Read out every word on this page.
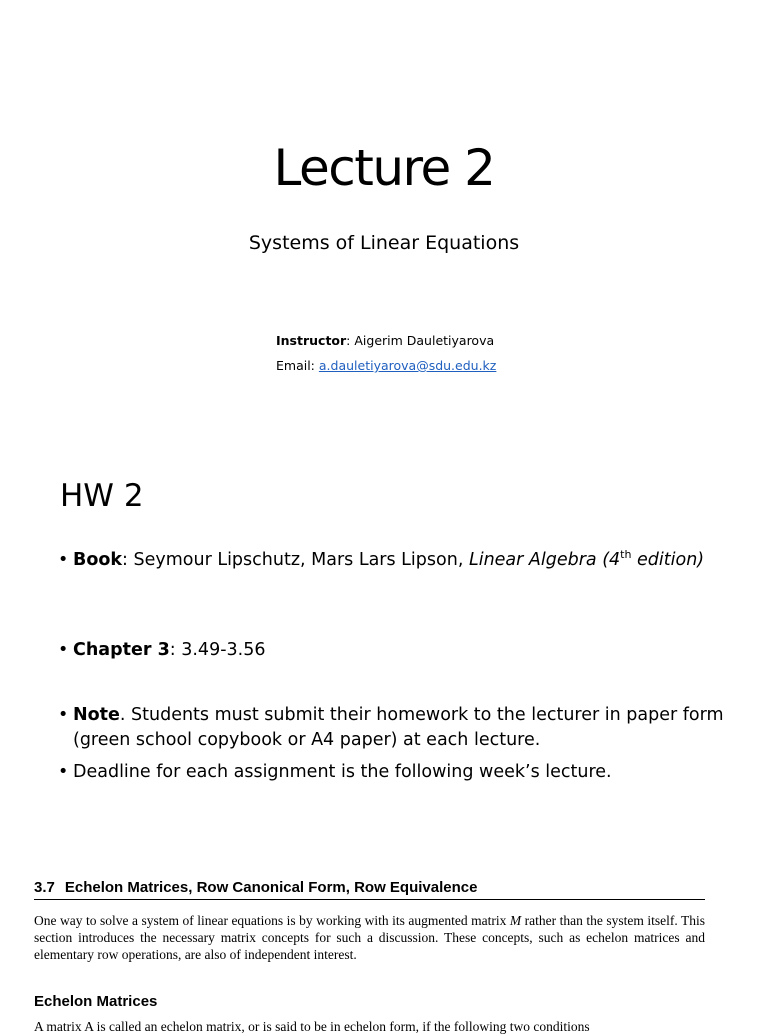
Lecture 2

Systems of Linear Equations

Instructor: Aigerim Dauletiyarova
Email: a.dauletiyarova@sdu.edu.kz
HW 2
• Book: Seymour Lipschutz, Mars Lars Lipson, Linear Algebra (4th edition)
• Chapter 3: 3.49-3.56
• Note. Students must submit their homework to the lecturer in paper form (green school copybook or A4 paper) at each lecture.
• Deadline for each assignment is the following week’s lecture.
3.7 Echelon Matrices, Row Canonical Form, Row Equivalence

One way to solve a system of linear equations is by working with its augmented matrix M rather than the system itself. This section introduces the necessary matrix concepts for such a discussion. These concepts, such as echelon matrices and elementary row operations, are also of independent interest.

Echelon Matrices

A matrix A is called an echelon matrix, or is said to be in echelon form, if the following two conditions
